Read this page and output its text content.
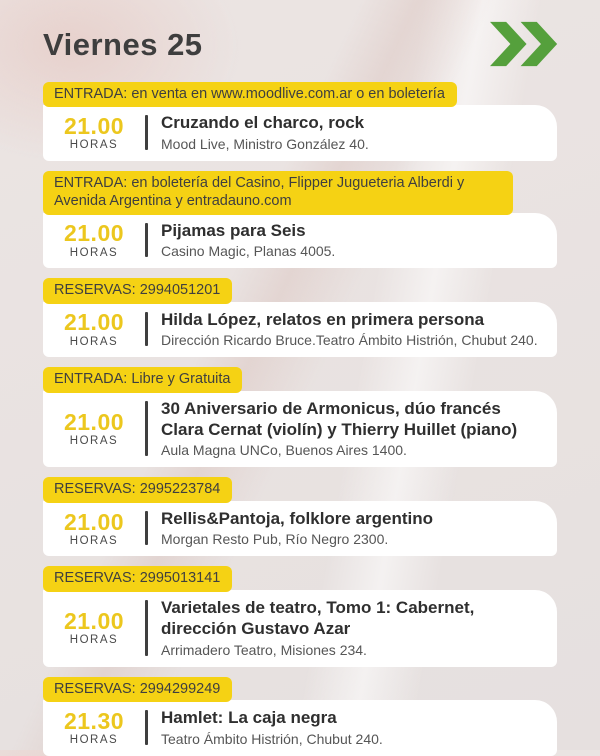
Viernes 25
ENTRADA: en venta en www.moodlive.com.ar o en boletería
21.00
HORAS
Cruzando el charco, rock
Mood Live, Ministro González 40.
ENTRADA: en boletería del Casino, Flipper Jugueteria Alberdi y Avenida Argentina y entradauno.com
21.00
HORAS
Pijamas para Seis
Casino Magic, Planas 4005.
RESERVAS: 2994051201
21.00
HORAS
Hilda López, relatos en primera persona
Dirección Ricardo Bruce.Teatro Ámbito Histrión, Chubut 240.
ENTRADA: Libre y Gratuita
21.00
HORAS
30 Aniversario de Armonicus, dúo francés Clara Cernat (violín) y Thierry Huillet (piano)
Aula Magna UNCo, Buenos Aires 1400.
RESERVAS: 2995223784
21.00
HORAS
Rellis&Pantoja, folklore argentino
Morgan Resto Pub, Río Negro 2300.
RESERVAS: 2995013141
21.00
HORAS
Varietales de teatro, Tomo 1: Cabernet, dirección Gustavo Azar
Arrimadero Teatro, Misiones 234.
RESERVAS: 2994299249
21.30
HORAS
Hamlet: La caja negra
Teatro Ámbito Histrión, Chubut 240.
